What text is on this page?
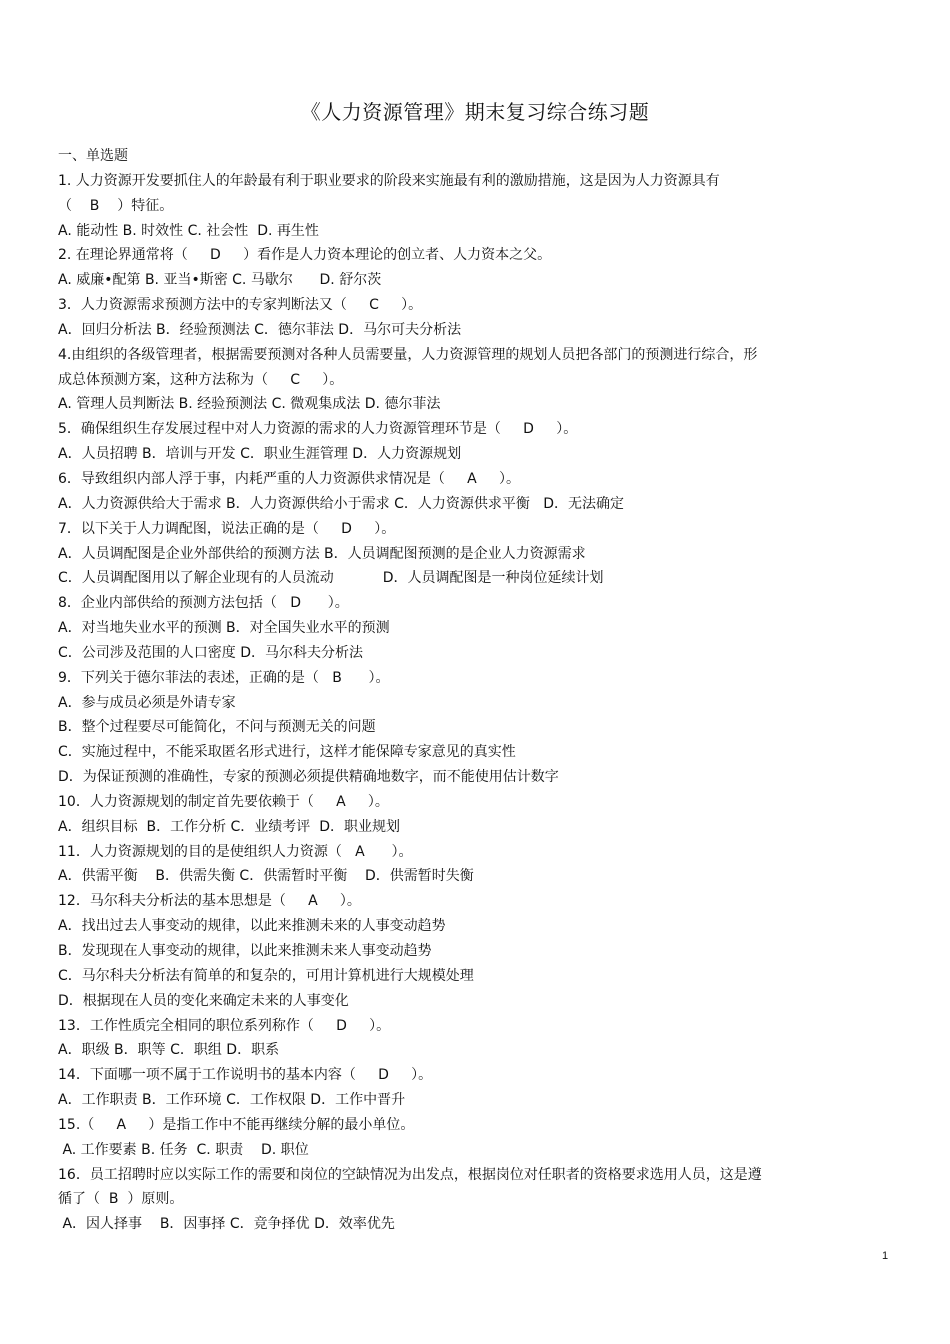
《人力资源管理》期末复习综合练习题
一、单选题
1. 人力资源开发要抓住人的年龄最有利于职业要求的阶段来实施最有利的激励措施，这是因为人力资源具有
（    B    ）特征。
A. 能动性 B. 时效性 C. 社会性  D. 再生性
2. 在理论界通常将（     D     ）看作是人力资本理论的创立者、人力资本之父。
A. 威廉•配第 B. 亚当•斯密 C. 马歇尔      D. 舒尔茨
3．人力资源需求预测方法中的专家判断法又（     C     ）。
A．回归分析法 B．经验预测法 C．德尔菲法 D．马尔可夫分析法
4.由组织的各级管理者，根据需要预测对各种人员需要量，人力资源管理的规划人员把各部门的预测进行综合，形
成总体预测方案，这种方法称为（     C     ）。
A. 管理人员判断法 B. 经验预测法 C. 微观集成法 D. 德尔菲法
5．确保组织生存发展过程中对人力资源的需求的人力资源管理环节是（     D     ）。
A．人员招聘 B．培训与开发 C．职业生涯管理 D．人力资源规划
6．导致组织内部人浮于事，内耗严重的人力资源供求情况是（     A     ）。
A．人力资源供给大于需求 B．人力资源供给小于需求 C．人力资源供求平衡   D．无法确定
7．以下关于人力调配图，说法正确的是（     D     ）。
A．人员调配图是企业外部供给的预测方法 B．人员调配图预测的是企业人力资源需求
C．人员调配图用以了解企业现有的人员流动           D．人员调配图是一种岗位延续计划
8．企业内部供给的预测方法包括（   D      ）。
A．对当地失业水平的预测 B．对全国失业水平的预测
C．公司涉及范围的人口密度 D．马尔科夫分析法
9．下列关于德尔菲法的表述，正确的是（   B      ）。
A．参与成员必须是外请专家
B．整个过程要尽可能简化，不问与预测无关的问题
C．实施过程中，不能采取匿名形式进行，这样才能保障专家意见的真实性
D．为保证预测的准确性，专家的预测必须提供精确地数字，而不能使用估计数字
10．人力资源规划的制定首先要依赖于（     A     ）。
A．组织目标  B．工作分析 C．业绩考评  D．职业规划
11．人力资源规划的目的是使组织人力资源（   A      ）。
A．供需平衡    B．供需失衡 C．供需暂时平衡    D．供需暂时失衡
12．马尔科夫分析法的基本思想是（     A     ）。
A．找出过去人事变动的规律，以此来推测未来的人事变动趋势
B．发现现在人事变动的规律，以此来推测未来人事变动趋势
C．马尔科夫分析法有简单的和复杂的，可用计算机进行大规模处理
D．根据现在人员的变化来确定未来的人事变化
13．工作性质完全相同的职位系列称作（     D     ）。
A．职级 B．职等 C．职组 D．职系
14．下面哪一项不属于工作说明书的基本内容（     D     ）。
A．工作职责 B．工作环境 C．工作权限 D．工作中晋升
15.（     A     ）是指工作中不能再继续分解的最小单位。
A. 工作要素 B. 任务  C. 职责    D. 职位
16．员工招聘时应以实际工作的需要和岗位的空缺情况为出发点，根据岗位对任职者的资格要求选用人员，这是遵
循了（  B  ）原则。
A．因人择事    B．因事择 C．竞争择优 D．效率优先
1
